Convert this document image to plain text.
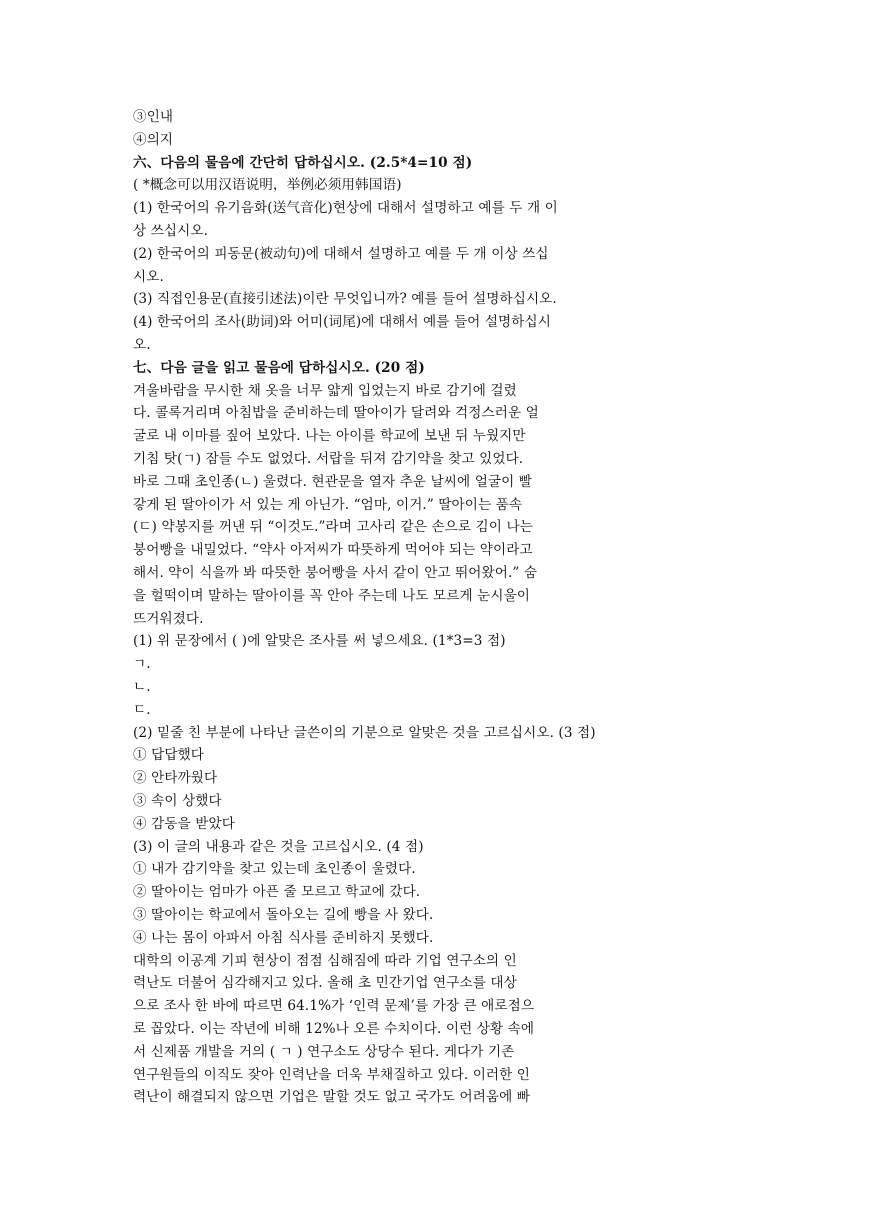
③인내
④의지
六、다음의 물음에 간단히 답하십시오. (2.5*4=10 점)
( *概念可以用汉语说明，举例必须用韩国语)
(1) 한국어의 유기음화(送气音化)현상에 대해서 설명하고 예를 두 개 이
상 쓰십시오.
(2) 한국어의 피동문(被动句)에 대해서 설명하고 예를 두 개 이상 쓰십
시오.
(3) 직접인용문(直接引述法)이란 무엇입니까? 예를 들어 설명하십시오.
(4) 한국어의 조사(助词)와 어미(词尾)에 대해서 예를 들어 설명하십시
오.
七、다음 글을 읽고 물음에 답하십시오. (20 점)
겨울바람을 무시한 채 옷을 너무 얇게 입었는지 바로 감기에 걸렸
다. 콜록거리며 아침밥을 준비하는데 딸아이가 달려와 걱정스러운 얼
굴로 내 이마를 짚어 보았다. 나는 아이를 학교에 보낸 뒤 누웠지만
기침 탓(ㄱ) 잠들 수도 없었다. 서랍을 뒤져 감기약을 찾고 있었다.
바로 그때 초인종(ㄴ) 울렸다. 현관문을 열자 추운 날씨에 얼굴이 빨
갛게 된 딸아이가 서 있는 게 아닌가. “엄마, 이거.” 딸아이는 품속
(ㄷ) 약봉지를 꺼낸 뒤 “이것도.”라며 고사리 같은 손으로 김이 나는
붕어빵을 내밀었다. “약사 아저씨가 따뜻하게 먹어야 되는 약이라고
해서. 약이 식을까 봐 따뜻한 붕어빵을 사서 같이 안고 뛰어왔어.” 숨
을 헐떡이며 말하는 딸아이를 꼭 안아 주는데 나도 모르게 눈시울이
뜨거워졌다.
(1) 위 문장에서 ( )에 알맞은 조사를 써 넣으세요. (1*3=3 점)
ㄱ.
ㄴ.
ㄷ.
(2) 밑줄 친 부분에 나타난 글쓴이의 기분으로 알맞은 것을 고르십시오. (3 점)
① 답답했다
② 안타까웠다
③ 속이 상했다
④ 감동을 받았다
(3) 이 글의 내용과 같은 것을 고르십시오. (4 점)
① 내가 감기약을 찾고 있는데 초인종이 울렸다.
② 딸아이는 엄마가 아픈 줄 모르고 학교에 갔다.
③ 딸아이는 학교에서 돌아오는 길에 빵을 사 왔다.
④ 나는 몸이 아파서 아침 식사를 준비하지 못했다.
대학의 이공계 기피 현상이 점점 심해짐에 따라 기업 연구소의 인
력난도 더불어 심각해지고 있다. 올해 초 민간기업 연구소를 대상
으로 조사 한 바에 따르면 64.1%가 ‘인력 문제’를 가장 큰 애로점으
로 꼽았다. 이는 작년에 비해 12%나 오른 수치이다. 이런 상황 속에
서 신제품 개발을 거의 ( ㄱ ) 연구소도 상당수 된다. 게다가 기존
연구원들의 이직도 잦아 인력난을 더욱 부채질하고 있다. 이러한 인
력난이 해결되지 않으면 기업은 말할 것도 없고 국가도 어려움에 빠
